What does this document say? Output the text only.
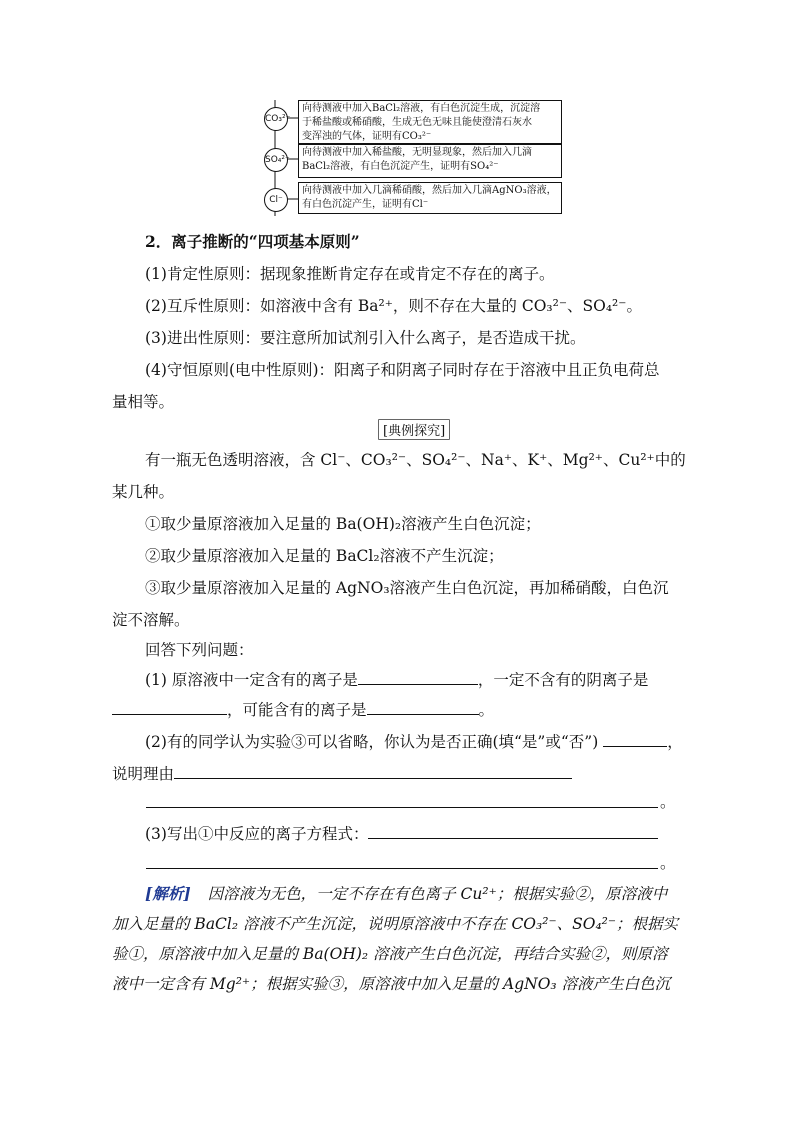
CO₃²⁻
向待测液中加入BaCl₂溶液，有白色沉淀生成，沉淀溶
于稀盐酸或稀硝酸，生成无色无味且能使澄清石灰水
变浑浊的气体，证明有CO₃²⁻
SO₄²⁻
向待测液中加入稀盐酸，无明显现象，然后加入几滴
BaCl₂溶液，有白色沉淀产生，证明有SO₄²⁻
Cl⁻
向待测液中加入几滴稀硝酸，然后加入几滴AgNO₃溶液，
有白色沉淀产生，证明有Cl⁻
2．离子推断的“四项基本原则”
(1)肯定性原则：据现象推断肯定存在或肯定不存在的离子。
(2)互斥性原则：如溶液中含有 Ba²⁺，则不存在大量的 CO₃²⁻、SO₄²⁻。
(3)进出性原则：要注意所加试剂引入什么离子，是否造成干扰。
(4)守恒原则(电中性原则)：阳离子和阴离子同时存在于溶液中且正负电荷总
量相等。
[典例探究]
有一瓶无色透明溶液，含 Cl⁻、CO₃²⁻、SO₄²⁻、Na⁺、K⁺、Mg²⁺、Cu²⁺中的
某几种。
①取少量原溶液加入足量的 Ba(OH)₂溶液产生白色沉淀；
②取少量原溶液加入足量的 BaCl₂溶液不产生沉淀；
③取少量原溶液加入足量的 AgNO₃溶液产生白色沉淀，再加稀硝酸，白色沉
淀不溶解。
回答下列问题：
(1) 原溶液中一定含有的离子是	，一定不含有的阴离子是
，可能含有的离子是	。
(2)有的同学认为实验③可以省略，你认为是否正确(填“是”或“否”)	，
说明理由
。
(3)写出①中反应的离子方程式：
。
[解析] 因溶液为无色，一定不存在有色离子 Cu²⁺；根据实验②，原溶液中
加入足量的 BaCl₂ 溶液不产生沉淀，说明原溶液中不存在 CO₃²⁻、SO₄²⁻；根据实
验①，原溶液中加入足量的 Ba(OH)₂ 溶液产生白色沉淀，再结合实验②，则原溶
液中一定含有 Mg²⁺；根据实验③，原溶液中加入足量的 AgNO₃ 溶液产生白色沉
